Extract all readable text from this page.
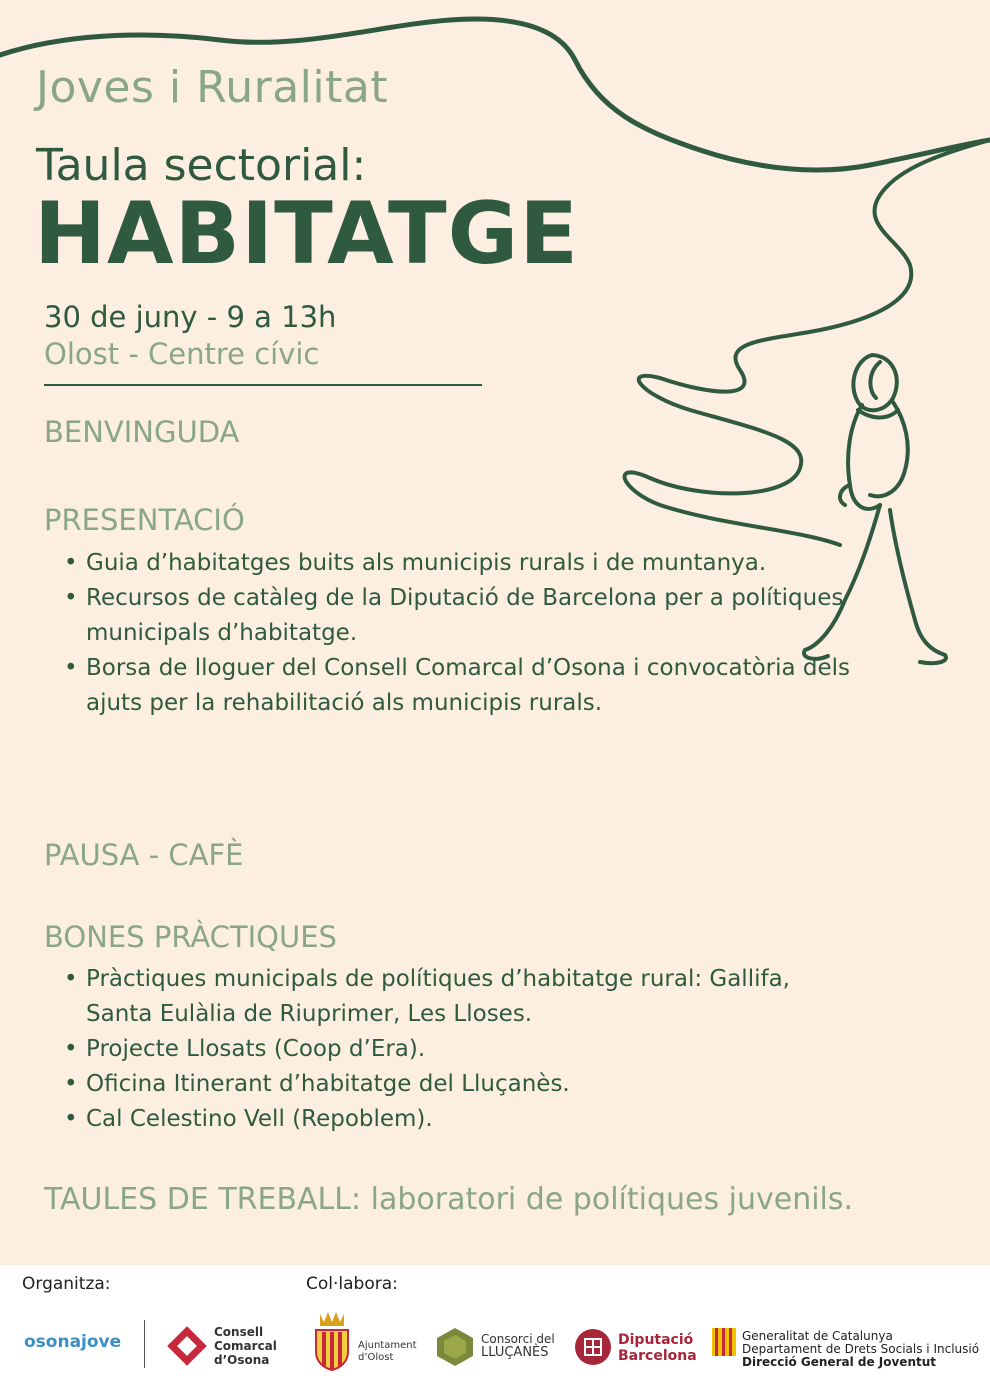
Joves i Ruralitat
Taula sectorial:
HABITATGE
30 de juny - 9 a 13h
Olost - Centre cívic
BENVINGUDA
PRESENTACIÓ
• Guia d’habitatges buits als municipis rurals i de muntanya.
• Recursos de catàleg de la Diputació de Barcelona per a polítiques municipals d’habitatge.
• Borsa de lloguer del Consell Comarcal d’Osona i convocatòria dels ajuts per la rehabilitació als municipis rurals.
PAUSA - CAFÈ
BONES PRÀCTIQUES
• Pràctiques municipals de polítiques d’habitatge rural: Gallifa, Santa Eulàlia de Riuprimer, Les Lloses.
• Projecte Llosats (Coop d’Era).
• Oficina Itinerant d’habitatge del Lluçanès.
• Cal Celestino Vell (Repoblem).
TAULES DE TREBALL: laboratori de polítiques juvenils.
Organitza:	Col·labora:
osonajove	Consell
Comarcal
d’Osona
Ajuntament
d’Olost
Consorci del
LLUÇANÈS
Diputació
Barcelona
Generalitat de Catalunya
Departament de Drets Socials i Inclusió
Direcció General de Joventut
